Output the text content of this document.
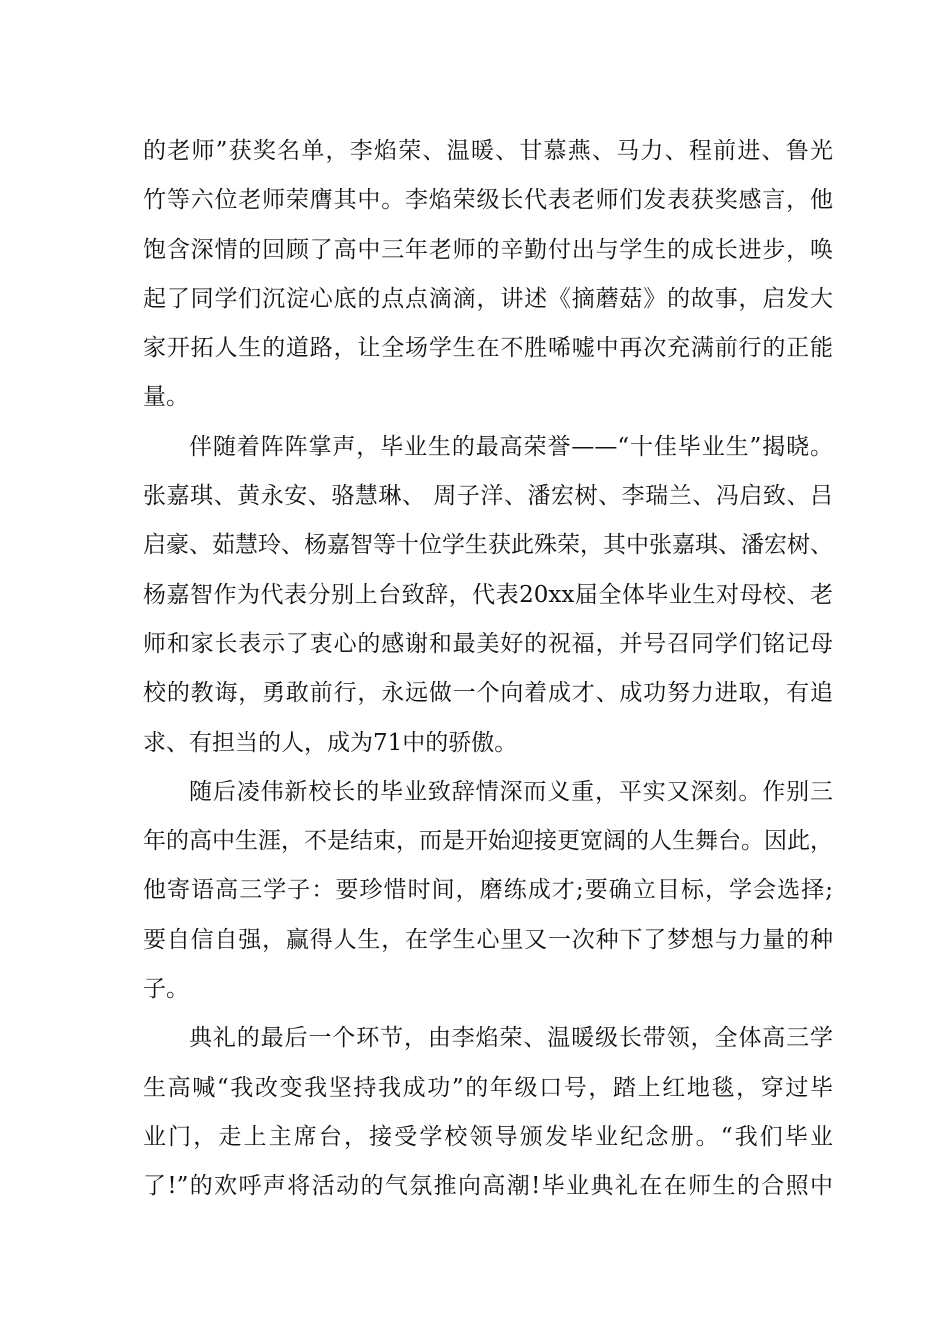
的老师”获奖名单，李焰荣、温暖、甘慕燕、马力、程前进、鲁光
竹等六位老师荣膺其中。李焰荣级长代表老师们发表获奖感言，他
饱含深情的回顾了高中三年老师的辛勤付出与学生的成长进步，唤
起了同学们沉淀心底的点点滴滴，讲述《摘蘑菇》的故事，启发大
家开拓人生的道路，让全场学生在不胜唏嘘中再次充满前行的正能
量。
伴随着阵阵掌声，毕业生的最高荣誉——“十佳毕业生”揭晓。
张嘉琪、黄永安、骆慧琳、 周子洋、潘宏树、李瑞兰、冯启致、吕
启豪、茹慧玲、杨嘉智等十位学生获此殊荣，其中张嘉琪、潘宏树、
杨嘉智作为代表分别上台致辞，代表20xx届全体毕业生对母校、老
师和家长表示了衷心的感谢和最美好的祝福，并号召同学们铭记母
校的教诲，勇敢前行，永远做一个向着成才、成功努力进取，有追
求、有担当的人，成为71中的骄傲。
随后凌伟新校长的毕业致辞情深而义重，平实又深刻。作别三
年的高中生涯，不是结束，而是开始迎接更宽阔的人生舞台。因此，
他寄语高三学子：要珍惜时间，磨练成才;要确立目标，学会选择;
要自信自强，赢得人生，在学生心里又一次种下了梦想与力量的种
子。
典礼的最后一个环节，由李焰荣、温暖级长带领，全体高三学
生高喊“我改变我坚持我成功”的年级口号，踏上红地毯，穿过毕
业门，走上主席台，接受学校领导颁发毕业纪念册。“我们毕业
了!”的欢呼声将活动的气氛推向高潮!毕业典礼在在师生的合照中
